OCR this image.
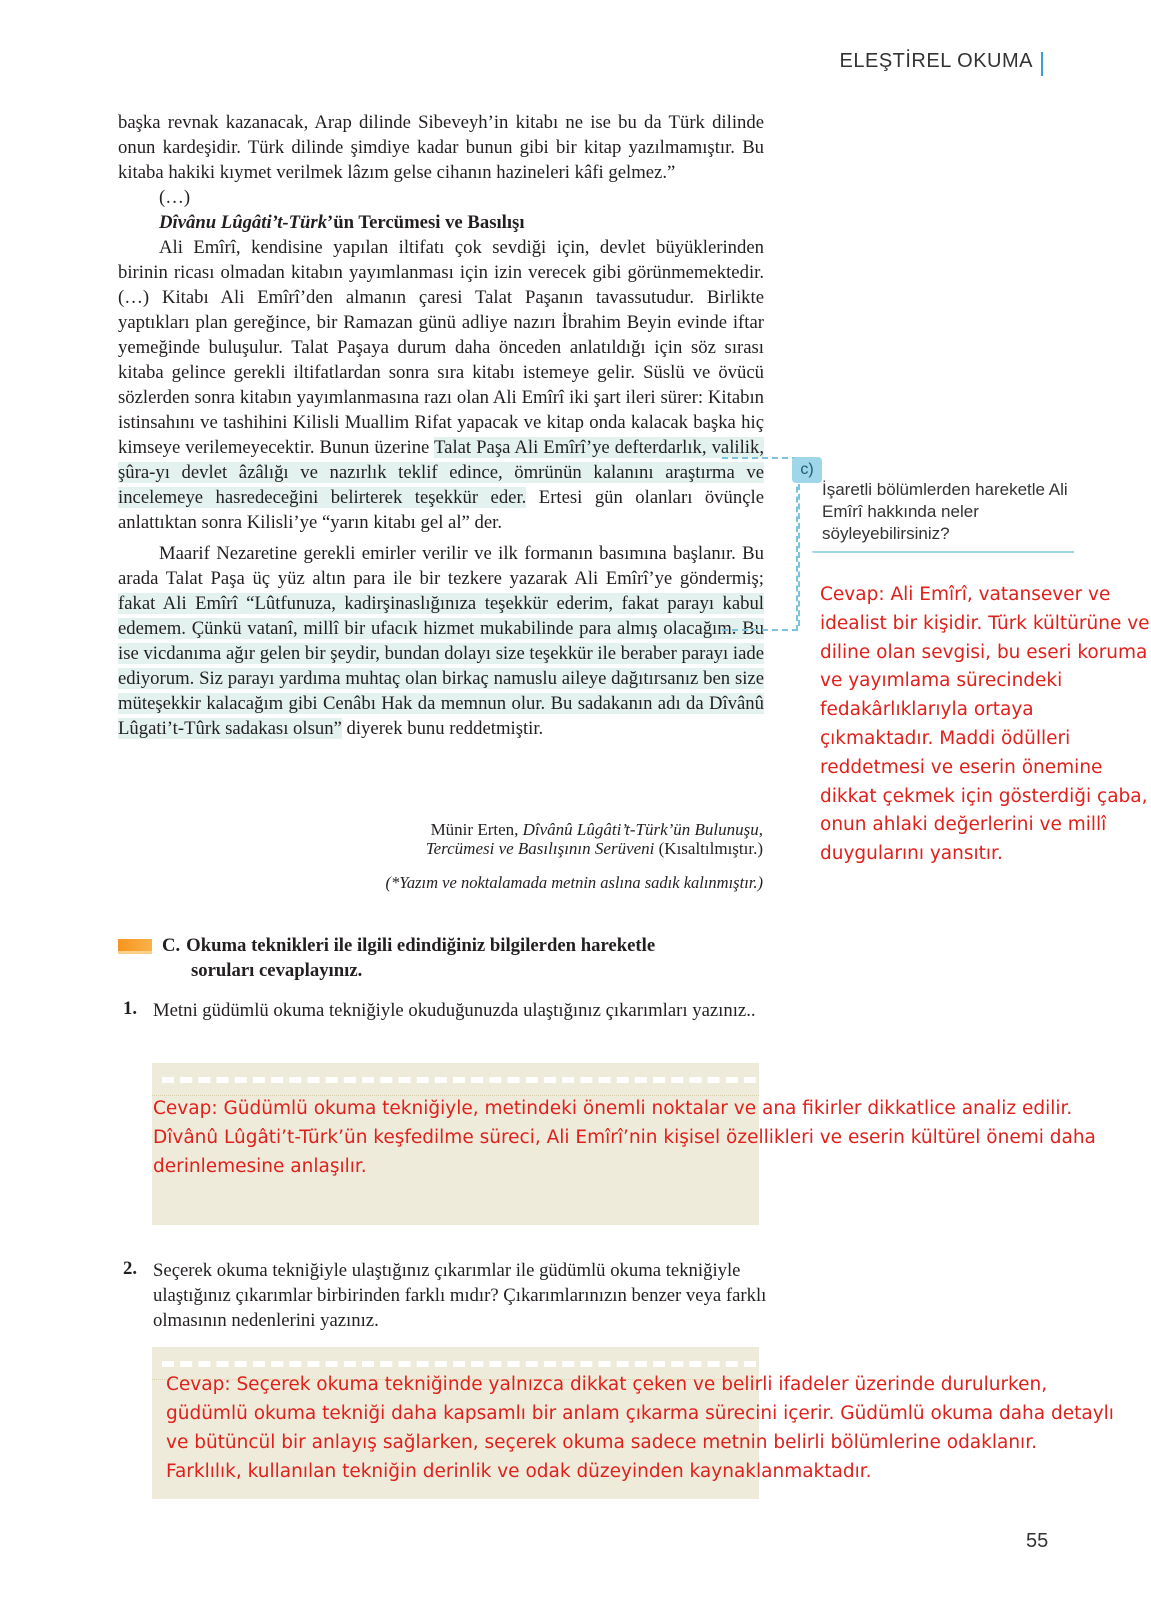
ELEŞTİREL OKUMA

başka revnak kazanacak, Arap dilinde Sibeveyh’in kitabı ne ise bu da Türk dilinde onun kardeşidir. Türk dilinde şimdiye kadar bunun gibi bir kitap yazılmamıştır. Bu kitaba hakiki kıymet verilmek lâzım gelse cihanın hazineleri kâfi gelmez.”

(…)

Dîvânu Lûgâti’t-Türk’ün Tercümesi ve Basılışı

Ali Emîrî, kendisine yapılan iltifatı çok sevdiği için, devlet büyüklerinden birinin ricası olmadan kitabın yayımlanması için izin verecek gibi görünmemektedir. (…) Kitabı Ali Emîrî’den almanın çaresi Talat Paşanın tavassutudur. Birlikte yaptıkları plan gereğince, bir Ramazan günü adliye nazırı İbrahim Beyin evinde iftar yemeğinde buluşulur. Talat Paşaya durum daha önceden anlatıldığı için söz sırası kitaba gelince gerekli iltifatlardan sonra sıra kitabı istemeye gelir. Süslü ve övücü sözlerden sonra kitabın yayımlanmasına razı olan Ali Emîrî iki şart ileri sürer: Kitabın istinsahını ve tashihini Kilisli Muallim Rifat yapacak ve kitap onda kalacak başka hiç kimseye verilemeyecektir. Bunun üzerine Talat Paşa Ali Emîrî’ye defterdarlık, valilik, şûra-yı devlet âzâlığı ve nazırlık teklif edince, ömrünün kalanını araştırma ve incelemeye hasredeceğini belirterek teşekkür eder. Ertesi gün olanları övünçle anlattıktan sonra Kilisli’ye “yarın kitabı gel al” der.

Maarif Nezaretine gerekli emirler verilir ve ilk formanın basımına başlanır. Bu arada Talat Paşa üç yüz altın para ile bir tezkere yazarak Ali Emîrî’ye göndermiş; fakat Ali Emîrî “Lûtfunuza, kadirşinaslığınıza teşekkür ederim, fakat parayı kabul edemem. Çünkü vatanî, millî bir ufacık hizmet mukabilinde para almış olacağım. Bu ise vicdanıma ağır gelen bir şeydir, bundan dolayı size teşekkür ile beraber parayı iade ediyorum. Siz parayı yardıma muhtaç olan birkaç namuslu aileye dağıtırsanız ben size müteşekkir kalacağım gibi Cenâbı Hak da memnun olur. Bu sadakanın adı da Dîvânû Lûgati’t-Tûrk sadakası olsun” diyerek bunu reddetmiştir.

Münir Erten, Dîvânû Lûgâti’t-Türk’ün Bulunuşu,
Tercümesi ve Basılışının Serüveni (Kısaltılmıştır.)
(*Yazım ve noktalamada metnin aslına sadık kalınmıştır.)
c)
İşaretli bölümlerden hareketle Ali Emîrî hakkında neler söyleyebilirsiniz?
Cevap: Ali Emîrî, vatansever ve idealist bir kişidir. Türk kültürüne ve diline olan sevgisi, bu eseri koruma ve yayımlama sürecindeki fedakârlıklarıyla ortaya çıkmaktadır. Maddi ödülleri reddetmesi ve eserin önemine dikkat çekmek için gösterdiği çaba, onun ahlaki değerlerini ve millî duygularını yansıtır.
C. Okuma teknikleri ile ilgili edindiğiniz bilgilerden hareketle
soruları cevaplayınız.
1. Metni güdümlü okuma tekniğiyle okuduğunuzda ulaştığınız çıkarımları yazınız..
Cevap: Güdümlü okuma tekniğiyle, metindeki önemli noktalar ve ana fikirler dikkatlice analiz edilir. Dîvânû Lûgâti’t-Türk’ün keşfedilme süreci, Ali Emîrî’nin kişisel özellikleri ve eserin kültürel önemi daha derinlemesine anlaşılır.
2. Seçerek okuma tekniğiyle ulaştığınız çıkarımlar ile güdümlü okuma tekniğiyle ulaştığınız çıkarımlar birbirinden farklı mıdır? Çıkarımlarınızın benzer veya farklı olmasının nedenlerini yazınız.
Cevap: Seçerek okuma tekniğinde yalnızca dikkat çeken ve belirli ifadeler üzerinde durulurken, güdümlü okuma tekniği daha kapsamlı bir anlam çıkarma sürecini içerir. Güdümlü okuma daha detaylı ve bütüncül bir anlayış sağlarken, seçerek okuma sadece metnin belirli bölümlerine odaklanır. Farklılık, kullanılan tekniğin derinlik ve odak düzeyinden kaynaklanmaktadır.
55
